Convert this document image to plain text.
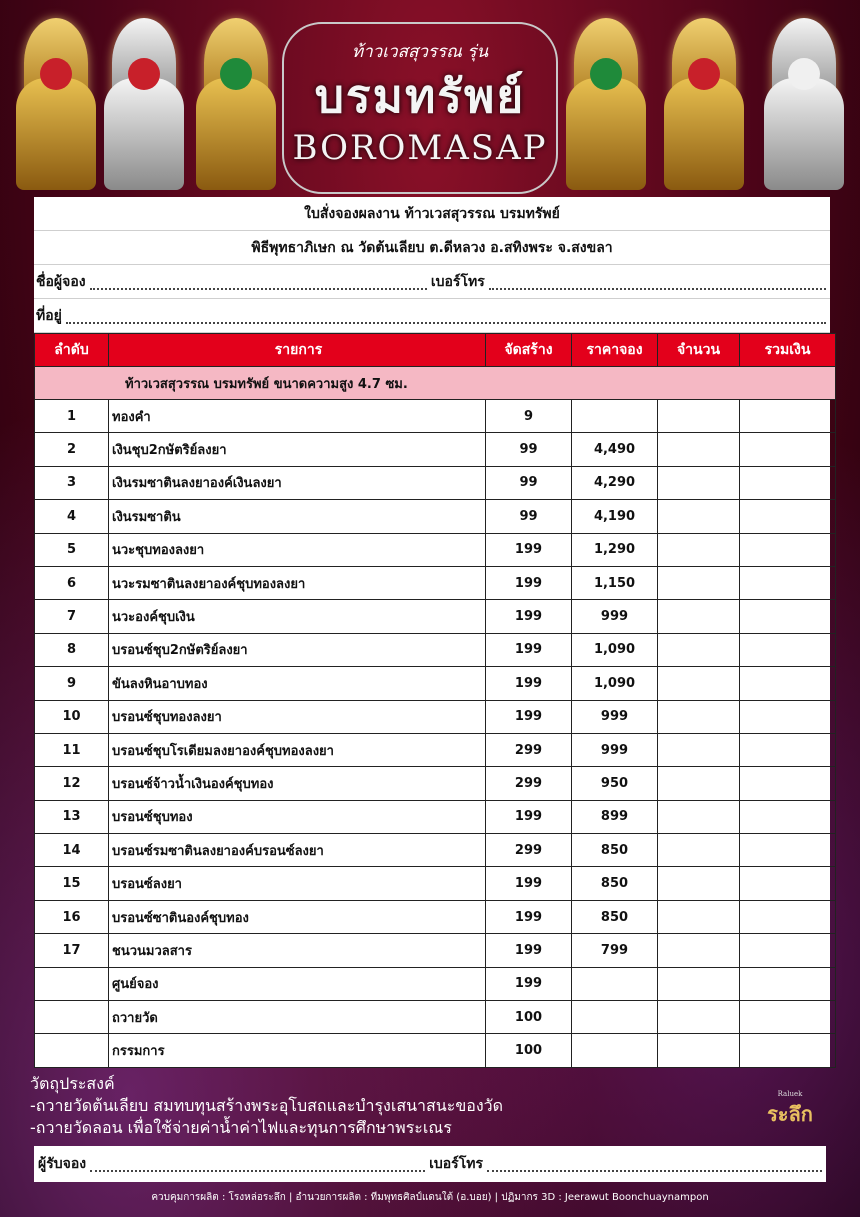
ท้าวเวสสุวรรณ รุ่น
บรมทรัพย์
BOROMASAP
ใบสั่งจองผลงาน ท้าวเวสสุวรรณ บรมทรัพย์
พิธีพุทธาภิเษก ณ วัดต้นเลียบ ต.ดีหลวง อ.สทิงพระ จ.สงขลา
ชื่อผู้จอง	เบอร์โทร
ที่อยู่
ลำดับ	รายการ	จัดสร้าง	ราคาจอง	จำนวน	รวมเงิน
ท้าวเวสสุวรรณ บรมทรัพย์ ขนาดความสูง 4.7 ซม.					
1	ทองคำ	9			
2	เงินชุบ2กษัตริย์ลงยา	99	4,490		
3	เงินรมซาตินลงยาองค์เงินลงยา	99	4,290		
4	เงินรมซาติน	99	4,190		
5	นวะชุบทองลงยา	199	1,290		
6	นวะรมซาตินลงยาองค์ชุบทองลงยา	199	1,150		
7	นวะองค์ชุบเงิน	199	999		
8	บรอนซ์ชุบ2กษัตริย์ลงยา	199	1,090		
9	ขันลงหินอาบทอง	199	1,090		
10	บรอนซ์ชุบทองลงยา	199	999		
11	บรอนซ์ชุบโรเดียมลงยาองค์ชุบทองลงยา	299	999		
12	บรอนซ์จ้าวน้ำเงินองค์ชุบทอง	299	950		
13	บรอนซ์ชุบทอง	199	899		
14	บรอนซ์รมซาตินลงยาองค์บรอนซ์ลงยา	299	850		
15	บรอนซ์ลงยา	199	850		
16	บรอนซ์ซาตินองค์ชุบทอง	199	850		
17	ชนวนมวลสาร	199	799		
	ศูนย์จอง	199			
	ถวายวัด	100			
	กรรมการ	100			
วัตถุประสงค์
-ถวายวัดต้นเลียบ สมทบทุนสร้างพระอุโบสถและบำรุงเสนาสนะของวัด
-ถวายวัดลอน เพื่อใช้จ่ายค่าน้ำค่าไฟและทุนการศึกษาพระเณร
Raluek
ระลึก
ผู้รับจอง	เบอร์โทร
ควบคุมการผลิต : โรงหล่อระลึก | อำนวยการผลิต : ทีมพุทธศิลป์แดนใต้ (อ.บอย) | ปฏิมากร 3D : Jeerawut Boonchuaynampon
